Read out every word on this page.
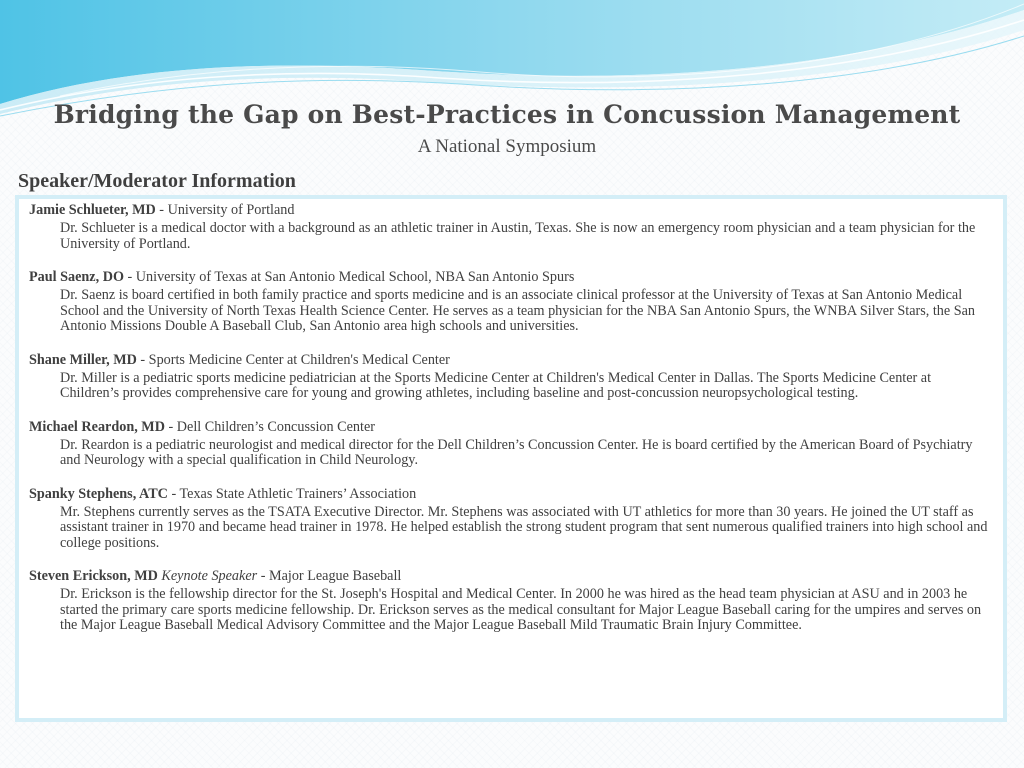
Bridging the Gap on Best-Practices in Concussion Management
A National Symposium
Speaker/Moderator Information
Jamie Schlueter, MD - University of Portland
Dr. Schlueter is a medical doctor with a background as an athletic trainer in Austin, Texas. She is now an emergency room physician and a team physician for the University of Portland.
Paul Saenz, DO - University of Texas at San Antonio Medical School, NBA San Antonio Spurs
Dr. Saenz is board certified in both family practice and sports medicine and is an associate clinical professor at the University of Texas at San Antonio Medical School and the University of North Texas Health Science Center. He serves as a team physician for the NBA San Antonio Spurs, the WNBA Silver Stars, the San Antonio Missions Double A Baseball Club, San Antonio area high schools and universities.
Shane Miller, MD - Sports Medicine Center at Children's Medical Center
Dr. Miller is a pediatric sports medicine pediatrician at the Sports Medicine Center at Children's Medical Center in Dallas. The Sports Medicine Center at Children’s provides comprehensive care for young and growing athletes, including baseline and post-concussion neuropsychological testing.
Michael Reardon, MD - Dell Children’s Concussion Center
Dr. Reardon is a pediatric neurologist and medical director for the Dell Children’s Concussion Center. He is board certified by the American Board of Psychiatry and Neurology with a special qualification in Child Neurology.
Spanky Stephens, ATC - Texas State Athletic Trainers’ Association
Mr. Stephens currently serves as the TSATA Executive Director. Mr. Stephens was associated with UT athletics for more than 30 years. He joined the UT staff as assistant trainer in 1970 and became head trainer in 1978. He helped establish the strong student program that sent numerous qualified trainers into high school and college positions.
Steven Erickson, MD Keynote Speaker - Major League Baseball
Dr. Erickson is the fellowship director for the St. Joseph's Hospital and Medical Center. In 2000 he was hired as the head team physician at ASU and in 2003 he started the primary care sports medicine fellowship. Dr. Erickson serves as the medical consultant for Major League Baseball caring for the umpires and serves on the Major League Baseball Medical Advisory Committee and the Major League Baseball Mild Traumatic Brain Injury Committee.
